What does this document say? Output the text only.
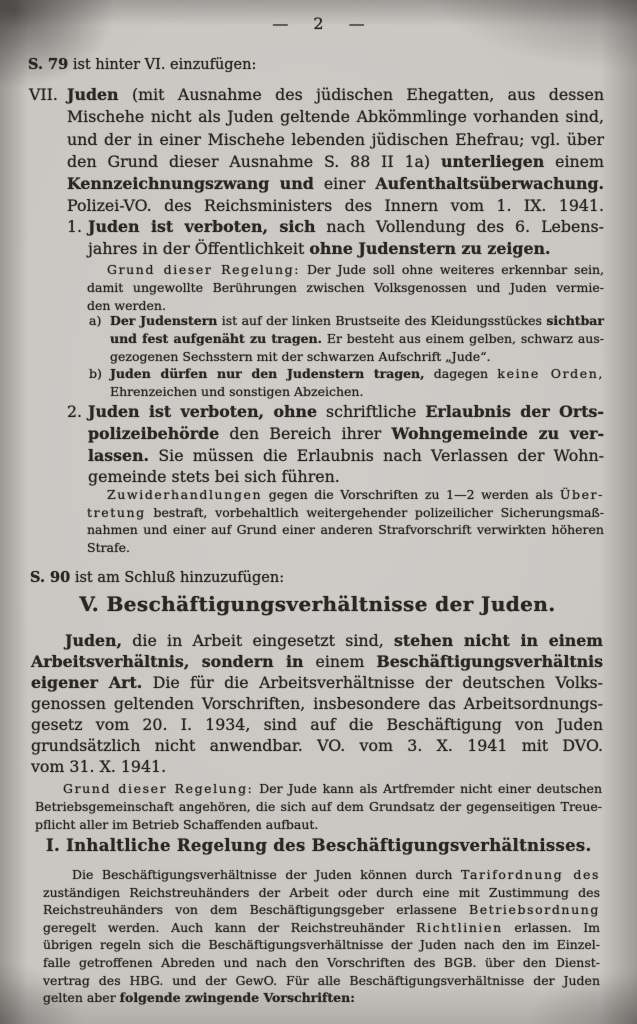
— 2 —
S. 79 ist hinter VI. einzufügen:
VII. Juden (mit Ausnahme des jüdischen Ehegatten, aus dessen
Mischehe nicht als Juden geltende Abkömmlinge vorhanden sind,
und der in einer Mischehe lebenden jüdischen Ehefrau; vgl. über
den Grund dieser Ausnahme S. 88 II 1a) unterliegen einem
Kennzeichnungszwang und einer Aufenthaltsüberwachung.
Polizei-VO. des Reichsministers des Innern vom 1. IX. 1941.
1. Juden ist verboten, sich nach Vollendung des 6. Lebens-
jahres in der Öffentlichkeit ohne Judenstern zu zeigen.
Grund dieser Regelung: Der Jude soll ohne weiteres erkennbar sein,
damit ungewollte Berührungen zwischen Volksgenossen und Juden vermie-
den werden.
a) Der Judenstern ist auf der linken Brustseite des Kleidungsstückes sichtbar
und fest aufgenäht zu tragen. Er besteht aus einem gelben, schwarz aus-
gezogenen Sechsstern mit der schwarzen Aufschrift „Jude“.
b) Juden dürfen nur den Judenstern tragen, dagegen keine Orden,
Ehrenzeichen und sonstigen Abzeichen.
2. Juden ist verboten, ohne schriftliche Erlaubnis der Orts-
polizeibehörde den Bereich ihrer Wohngemeinde zu ver-
lassen. Sie müssen die Erlaubnis nach Verlassen der Wohn-
gemeinde stets bei sich führen.
Zuwiderhandlungen gegen die Vorschriften zu 1—2 werden als Über-
tretung bestraft, vorbehaltlich weitergehender polizeilicher Sicherungsmaß-
nahmen und einer auf Grund einer anderen Strafvorschrift verwirkten höheren
Strafe.
S. 90 ist am Schluß hinzuzufügen:
V. Beschäftigungsverhältnisse der Juden.
Juden, die in Arbeit eingesetzt sind, stehen nicht in einem
Arbeitsverhältnis, sondern in einem Beschäftigungsverhältnis
eigener Art. Die für die Arbeitsverhältnisse der deutschen Volks-
genossen geltenden Vorschriften, insbesondere das Arbeitsordnungs-
gesetz vom 20. I. 1934, sind auf die Beschäftigung von Juden
grundsätzlich nicht anwendbar. VO. vom 3. X. 1941 mit DVO.
vom 31. X. 1941.
Grund dieser Regelung: Der Jude kann als Artfremder nicht einer deutschen
Betriebsgemeinschaft angehören, die sich auf dem Grundsatz der gegenseitigen Treue-
pflicht aller im Betrieb Schaffenden aufbaut.
I. Inhaltliche Regelung des Beschäftigungsverhältnisses.
Die Beschäftigungsverhältnisse der Juden können durch Tarifordnung des
zuständigen Reichstreuhänders der Arbeit oder durch eine mit Zustimmung des
Reichstreuhänders von dem Beschäftigungsgeber erlassene Betriebsordnung
geregelt werden. Auch kann der Reichstreuhänder Richtlinien erlassen. Im
übrigen regeln sich die Beschäftigungsverhältnisse der Juden nach den im Einzel-
falle getroffenen Abreden und nach den Vorschriften des BGB. über den Dienst-
vertrag des HBG. und der GewO. Für alle Beschäftigungsverhältnisse der Juden
gelten aber folgende zwingende Vorschriften:
